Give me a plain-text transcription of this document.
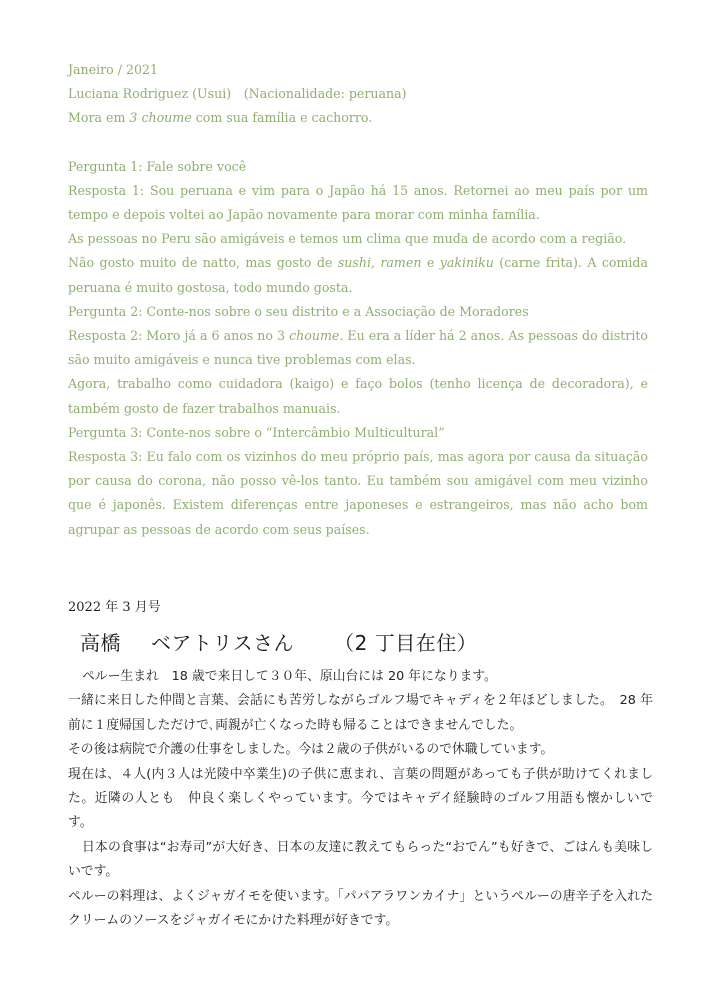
Janeiro / 2021

Luciana Rodriguez (Usui)　(Nacionalidade: peruana)

Mora em 3 choume com sua família e cachorro.

Pergunta 1: Fale sobre você

Resposta 1: Sou peruana e vim para o Japão há 15 anos. Retornei ao meu país por um tempo e depois voltei ao Japão novamente para morar com minha família.

As pessoas no Peru são amigáveis e temos um clima que muda de acordo com a região.

Não gosto muito de natto, mas gosto de sushi, ramen e yakiniku (carne frita). A comida peruana é muito gostosa, todo mundo gosta.

Pergunta 2: Conte-nos sobre o seu distrito e a Associação de Moradores

Resposta 2: Moro já a 6 anos no 3 choume. Eu era a líder há 2 anos. As pessoas do distrito são muito amigáveis e nunca tive problemas com elas.

Agora, trabalho como cuidadora (kaigo) e faço bolos (tenho licença de decoradora), e também gosto de fazer trabalhos manuais.

Pergunta 3: Conte-nos sobre o “Intercâmbio Multicultural”

Resposta 3: Eu falo com os vizinhos do meu próprio país, mas agora por causa da situação por causa do corona, não posso vê-los tanto. Eu também sou amigável com meu vizinho que é japonês. Existem diferenças entre japoneses e estrangeiros, mas não acho bom agrupar as pessoas de acordo com seus países.

2022 年 3 月号
高橋 ベアトリスさん （2 丁目在住）

ペルー生まれ　18 歳で来日して３０年、原山台には 20 年になります。

一緒に来日した仲間と言葉、会話にも苦労しながらゴルフ場でキャディを２年ほどしました。　28 年前に１度帰国しただけで､両親が亡くなった時も帰ることはできませんでした。

その後は病院で介護の仕事をしました。今は２歳の子供がいるので休職しています。

現在は、４人(内３人は光陵中卒業生)の子供に恵まれ、言葉の問題があっても子供が助けてくれました。近隣の人とも　仲良く楽しくやっています。今ではキャデイ経験時のゴルフ用語も懐かしいです。

日本の食事は“お寿司”が大好き、日本の友達に教えてもらった“おでん”も好きで、ごはんも美味しいです。

ペルーの料理は、よくジャガイモを使います。「パパアラワンカイナ」というペルーの唐辛子を入れたクリームのソースをジャガイモにかけた料理が好きです。
